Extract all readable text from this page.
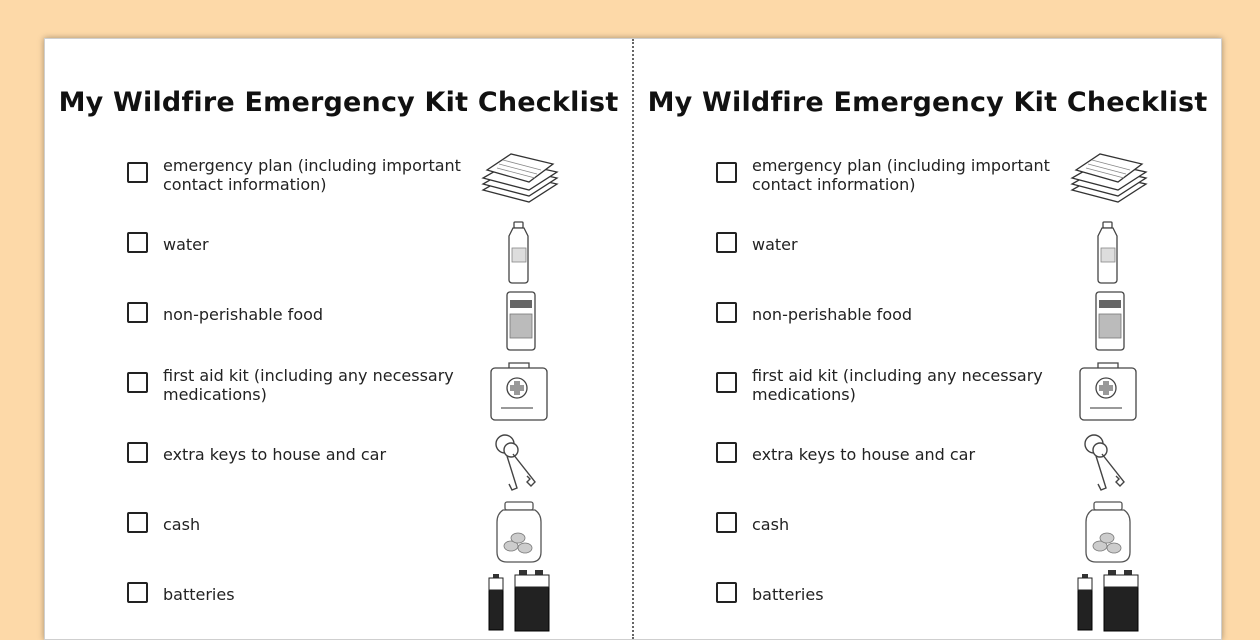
My Wildfire Emergency Kit Checklist
emergency plan (including important contact information)
water
non-perishable food
first aid kit (including any necessary medications)
extra keys to house and car
cash
batteries
My Wildfire Emergency Kit Checklist
emergency plan (including important contact information)
water
non-perishable food
first aid kit (including any necessary medications)
extra keys to house and car
cash
batteries
